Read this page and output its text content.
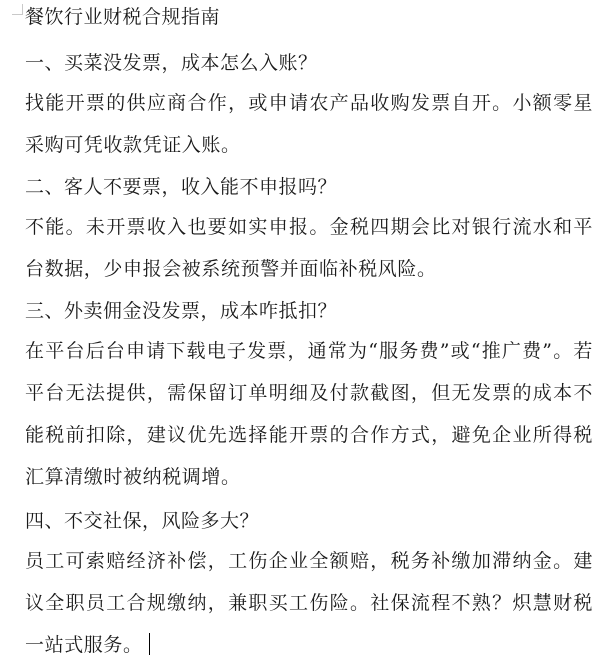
餐饮行业财税合规指南

一、买菜没发票，成本怎么入账？

找能开票的供应商合作，或申请农产品收购发票自开。小额零星采购可凭收款凭证入账。

二、客人不要票，收入能不申报吗？

不能。未开票收入也要如实申报。金税四期会比对银行流水和平台数据，少申报会被系统预警并面临补税风险。

三、外卖佣金没发票，成本咋抵扣？

在平台后台申请下载电子发票，通常为“服务费”或“推广费”。若平台无法提供，需保留订单明细及付款截图，但无发票的成本不能税前扣除，建议优先选择能开票的合作方式，避免企业所得税汇算清缴时被纳税调增。

四、不交社保，风险多大？

员工可索赔经济补偿，工伤企业全额赔，税务补缴加滞纳金。建议全职员工合规缴纳，兼职买工伤险。社保流程不熟？炽慧财税一站式服务。
